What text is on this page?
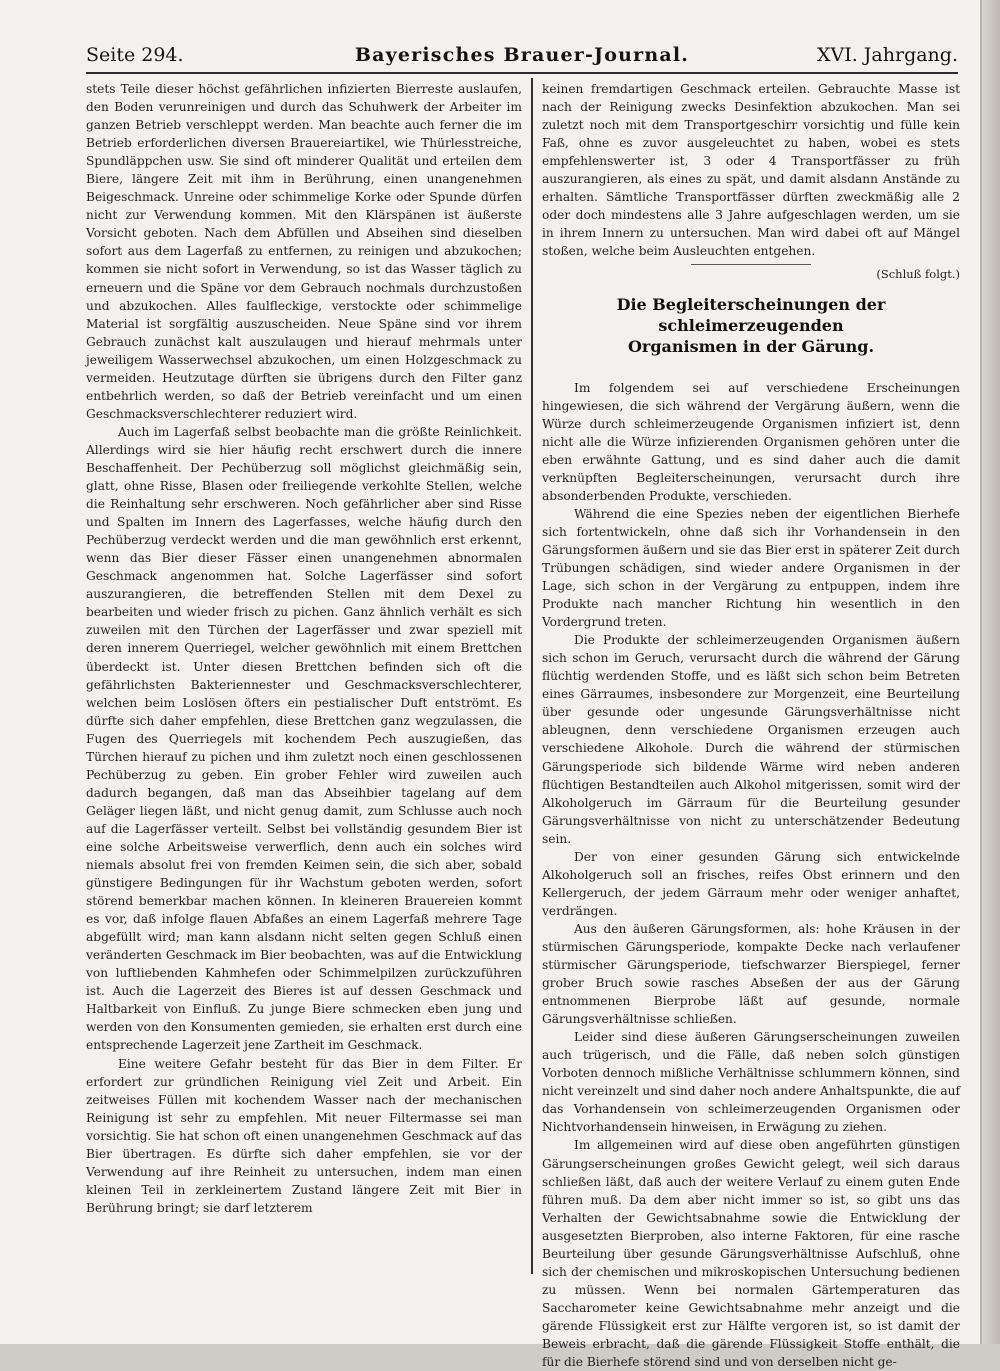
Seite 294.	Bayerisches Brauer-Journal.	XVI. Jahrgang.

stets Teile dieser höchst gefährlichen infizierten Bierreste auslaufen, den Boden verunreinigen und durch das Schuhwerk der Arbeiter im ganzen Betrieb verschleppt werden. Man beachte auch ferner die im Betrieb erforderlichen diversen Brauereiartikel, wie Thürlesstreiche, Spundläppchen usw. Sie sind oft minderer Qualität und erteilen dem Biere, längere Zeit mit ihm in Berührung, einen unangenehmen Beigeschmack. Unreine oder schimmelige Korke oder Spunde dürfen nicht zur Verwendung kommen. Mit den Klärspänen ist äußerste Vorsicht geboten. Nach dem Abfüllen und Abseihen sind dieselben sofort aus dem Lagerfaß zu entfernen, zu reinigen und abzukochen; kommen sie nicht sofort in Verwendung, so ist das Wasser täglich zu erneuern und die Späne vor dem Gebrauch nochmals durchzustoßen und abzukochen. Alles faulfleckige, verstockte oder schimmelige Material ist sorgfältig auszuscheiden. Neue Späne sind vor ihrem Gebrauch zunächst kalt auszulaugen und hierauf mehrmals unter jeweiligem Wasserwechsel abzukochen, um einen Holzgeschmack zu vermeiden. Heutzutage dürften sie übrigens durch den Filter ganz entbehrlich werden, so daß der Betrieb vereinfacht und um einen Geschmacksverschlechterer reduziert wird.

Auch im Lagerfaß selbst beobachte man die größte Reinlichkeit. Allerdings wird sie hier häufig recht erschwert durch die innere Beschaffenheit. Der Pechüberzug soll möglichst gleichmäßig sein, glatt, ohne Risse, Blasen oder freiliegende verkohlte Stellen, welche die Reinhaltung sehr erschweren. Noch gefährlicher aber sind Risse und Spalten im Innern des Lagerfasses, welche häufig durch den Pechüberzug verdeckt werden und die man gewöhnlich erst erkennt, wenn das Bier dieser Fässer einen unangenehmen abnormalen Geschmack angenommen hat. Solche Lagerfässer sind sofort auszurangieren, die betreffenden Stellen mit dem Dexel zu bearbeiten und wieder frisch zu pichen. Ganz ähnlich verhält es sich zuweilen mit den Türchen der Lagerfässer und zwar speziell mit deren innerem Querriegel, welcher gewöhnlich mit einem Brettchen überdeckt ist. Unter diesen Brettchen befinden sich oft die gefährlichsten Bakteriennester und Geschmacksverschlechterer, welchen beim Loslösen öfters ein pestialischer Duft entströmt. Es dürfte sich daher empfehlen, diese Brettchen ganz wegzulassen, die Fugen des Querriegels mit kochendem Pech auszugießen, das Türchen hierauf zu pichen und ihm zuletzt noch einen geschlossenen Pechüberzug zu geben. Ein grober Fehler wird zuweilen auch dadurch begangen, daß man das Abseihbier tagelang auf dem Geläger liegen läßt, und nicht genug damit, zum Schlusse auch noch auf die Lagerfässer verteilt. Selbst bei vollständig gesundem Bier ist eine solche Arbeitsweise verwerflich, denn auch ein solches wird niemals absolut frei von fremden Keimen sein, die sich aber, sobald günstigere Bedingungen für ihr Wachstum geboten werden, sofort störend bemerkbar machen können. In kleineren Brauereien kommt es vor, daß infolge flauen Abfaßes an einem Lagerfaß mehrere Tage abgefüllt wird; man kann alsdann nicht selten gegen Schluß einen veränderten Geschmack im Bier beobachten, was auf die Entwicklung von luftliebenden Kahmhefen oder Schimmelpilzen zurückzuführen ist. Auch die Lagerzeit des Bieres ist auf dessen Geschmack und Haltbarkeit von Einfluß. Zu junge Biere schmecken eben jung und werden von den Konsumenten gemieden, sie erhalten erst durch eine entsprechende Lagerzeit jene Zartheit im Geschmack.

Eine weitere Gefahr besteht für das Bier in dem Filter. Er erfordert zur gründlichen Reinigung viel Zeit und Arbeit. Ein zeitweises Füllen mit kochendem Wasser nach der mechanischen Reinigung ist sehr zu empfehlen. Mit neuer Filtermasse sei man vorsichtig. Sie hat schon oft einen unangenehmen Geschmack auf das Bier übertragen. Es dürfte sich daher empfehlen, sie vor der Verwendung auf ihre Reinheit zu untersuchen, indem man einen kleinen Teil in zerkleinertem Zustand längere Zeit mit Bier in Berührung bringt; sie darf letzterem

keinen fremdartigen Geschmack erteilen. Gebrauchte Masse ist nach der Reinigung zwecks Desinfektion abzukochen. Man sei zuletzt noch mit dem Transportgeschirr vorsichtig und fülle kein Faß, ohne es zuvor ausgeleuchtet zu haben, wobei es stets empfehlenswerter ist, 3 oder 4 Transportfässer zu früh auszurangieren, als eines zu spät, und damit alsdann Anstände zu erhalten. Sämtliche Transportfässer dürften zweckmäßig alle 2 oder doch mindestens alle 3 Jahre aufgeschlagen werden, um sie in ihrem Innern zu untersuchen. Man wird dabei oft auf Mängel stoßen, welche beim Ausleuchten entgehen.

(Schluß folgt.)

Die Begleiterscheinungen der schleimerzeugenden
Organismen in der Gärung.

Im folgendem sei auf verschiedene Erscheinungen hingewiesen, die sich während der Vergärung äußern, wenn die Würze durch schleimerzeugende Organismen infiziert ist, denn nicht alle die Würze infizierenden Organismen gehören unter die eben erwähnte Gattung, und es sind daher auch die damit verknüpften Begleiterscheinungen, verursacht durch ihre absonderbenden Produkte, verschieden.

Während die eine Spezies neben der eigentlichen Bierhefe sich fortentwickeln, ohne daß sich ihr Vorhandensein in den Gärungsformen äußern und sie das Bier erst in späterer Zeit durch Trübungen schädigen, sind wieder andere Organismen in der Lage, sich schon in der Vergärung zu entpuppen, indem ihre Produkte nach mancher Richtung hin wesentlich in den Vordergrund treten.

Die Produkte der schleimerzeugenden Organismen äußern sich schon im Geruch, verursacht durch die während der Gärung flüchtig werdenden Stoffe, und es läßt sich schon beim Betreten eines Gärraumes, insbesondere zur Morgenzeit, eine Beurteilung über gesunde oder ungesunde Gärungsverhältnisse nicht ableugnen, denn verschiedene Organismen erzeugen auch verschiedene Alkohole. Durch die während der stürmischen Gärungsperiode sich bildende Wärme wird neben anderen flüchtigen Bestandteilen auch Alkohol mitgerissen, somit wird der Alkoholgeruch im Gärraum für die Beurteilung gesunder Gärungsverhältnisse von nicht zu unterschätzender Bedeutung sein.

Der von einer gesunden Gärung sich entwickelnde Alkoholgeruch soll an frisches, reifes Obst erinnern und den Kellergeruch, der jedem Gärraum mehr oder weniger anhaftet, verdrängen.

Aus den äußeren Gärungsformen, als: hohe Kräusen in der stürmischen Gärungsperiode, kompakte Decke nach verlaufener stürmischer Gärungsperiode, tiefschwarzer Bierspiegel, ferner grober Bruch sowie rasches Abseßen der aus der Gärung entnommenen Bierprobe läßt auf gesunde, normale Gärungsverhältnisse schließen.

Leider sind diese äußeren Gärungserscheinungen zuweilen auch trügerisch, und die Fälle, daß neben solch günstigen Vorboten dennoch mißliche Verhältnisse schlummern können, sind nicht vereinzelt und sind daher noch andere Anhaltspunkte, die auf das Vorhandensein von schleimerzeugenden Organismen oder Nichtvorhandensein hinweisen, in Erwägung zu ziehen.

Im allgemeinen wird auf diese oben angeführten günstigen Gärungserscheinungen großes Gewicht gelegt, weil sich daraus schließen läßt, daß auch der weitere Verlauf zu einem guten Ende führen muß. Da dem aber nicht immer so ist, so gibt uns das Verhalten der Gewichtsabnahme sowie die Entwicklung der ausgesetzten Bierproben, also interne Faktoren, für eine rasche Beurteilung über gesunde Gärungsverhältnisse Aufschluß, ohne sich der chemischen und mikroskopischen Untersuchung bedienen zu müssen. Wenn bei normalen Gärtemperaturen das Saccharometer keine Gewichtsabnahme mehr anzeigt und die gärende Flüssigkeit erst zur Hälfte vergoren ist, so ist damit der Beweis erbracht, daß die gärende Flüssigkeit Stoffe enthält, die für die Bierhefe störend sind und von derselben nicht ge-
